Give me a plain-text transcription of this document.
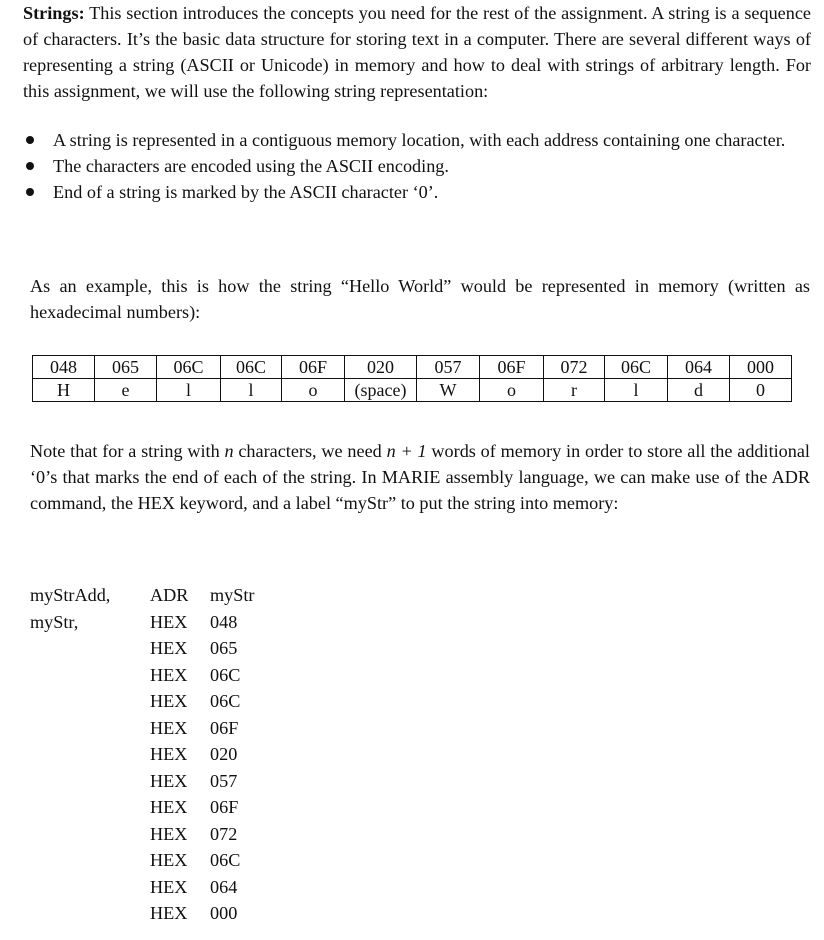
Strings: This section introduces the concepts you need for the rest of the assignment. A string is a sequence of characters. It’s the basic data structure for storing text in a computer. There are several different ways of representing a string (ASCII or Unicode) in memory and how to deal with strings of arbitrary length. For this assignment, we will use the following string representation:
A string is represented in a contiguous memory location, with each address containing one character.
The characters are encoded using the ASCII encoding.
End of a string is marked by the ASCII character ‘0’.
As an example, this is how the string “Hello World” would be represented in memory (written as hexadecimal numbers):
048	065	06C	06C	06F	020	057	06F	072	06C	064	000
H	e	l	l	o	(space)	W	o	r	l	d	0
Note that for a string with n characters, we need n + 1 words of memory in order to store all the additional ‘0’s that marks the end of each of the string. In MARIE assembly language, we can make use of the ADR command, the HEX keyword, and a label “myStr” to put the string into memory:
myStrAdd,	ADR myStr
myStr,	HEX 048
HEX 065
HEX 06C
HEX 06C
HEX 06F
HEX 020
HEX 057
HEX 06F
HEX 072
HEX 06C
HEX 064
HEX 000
